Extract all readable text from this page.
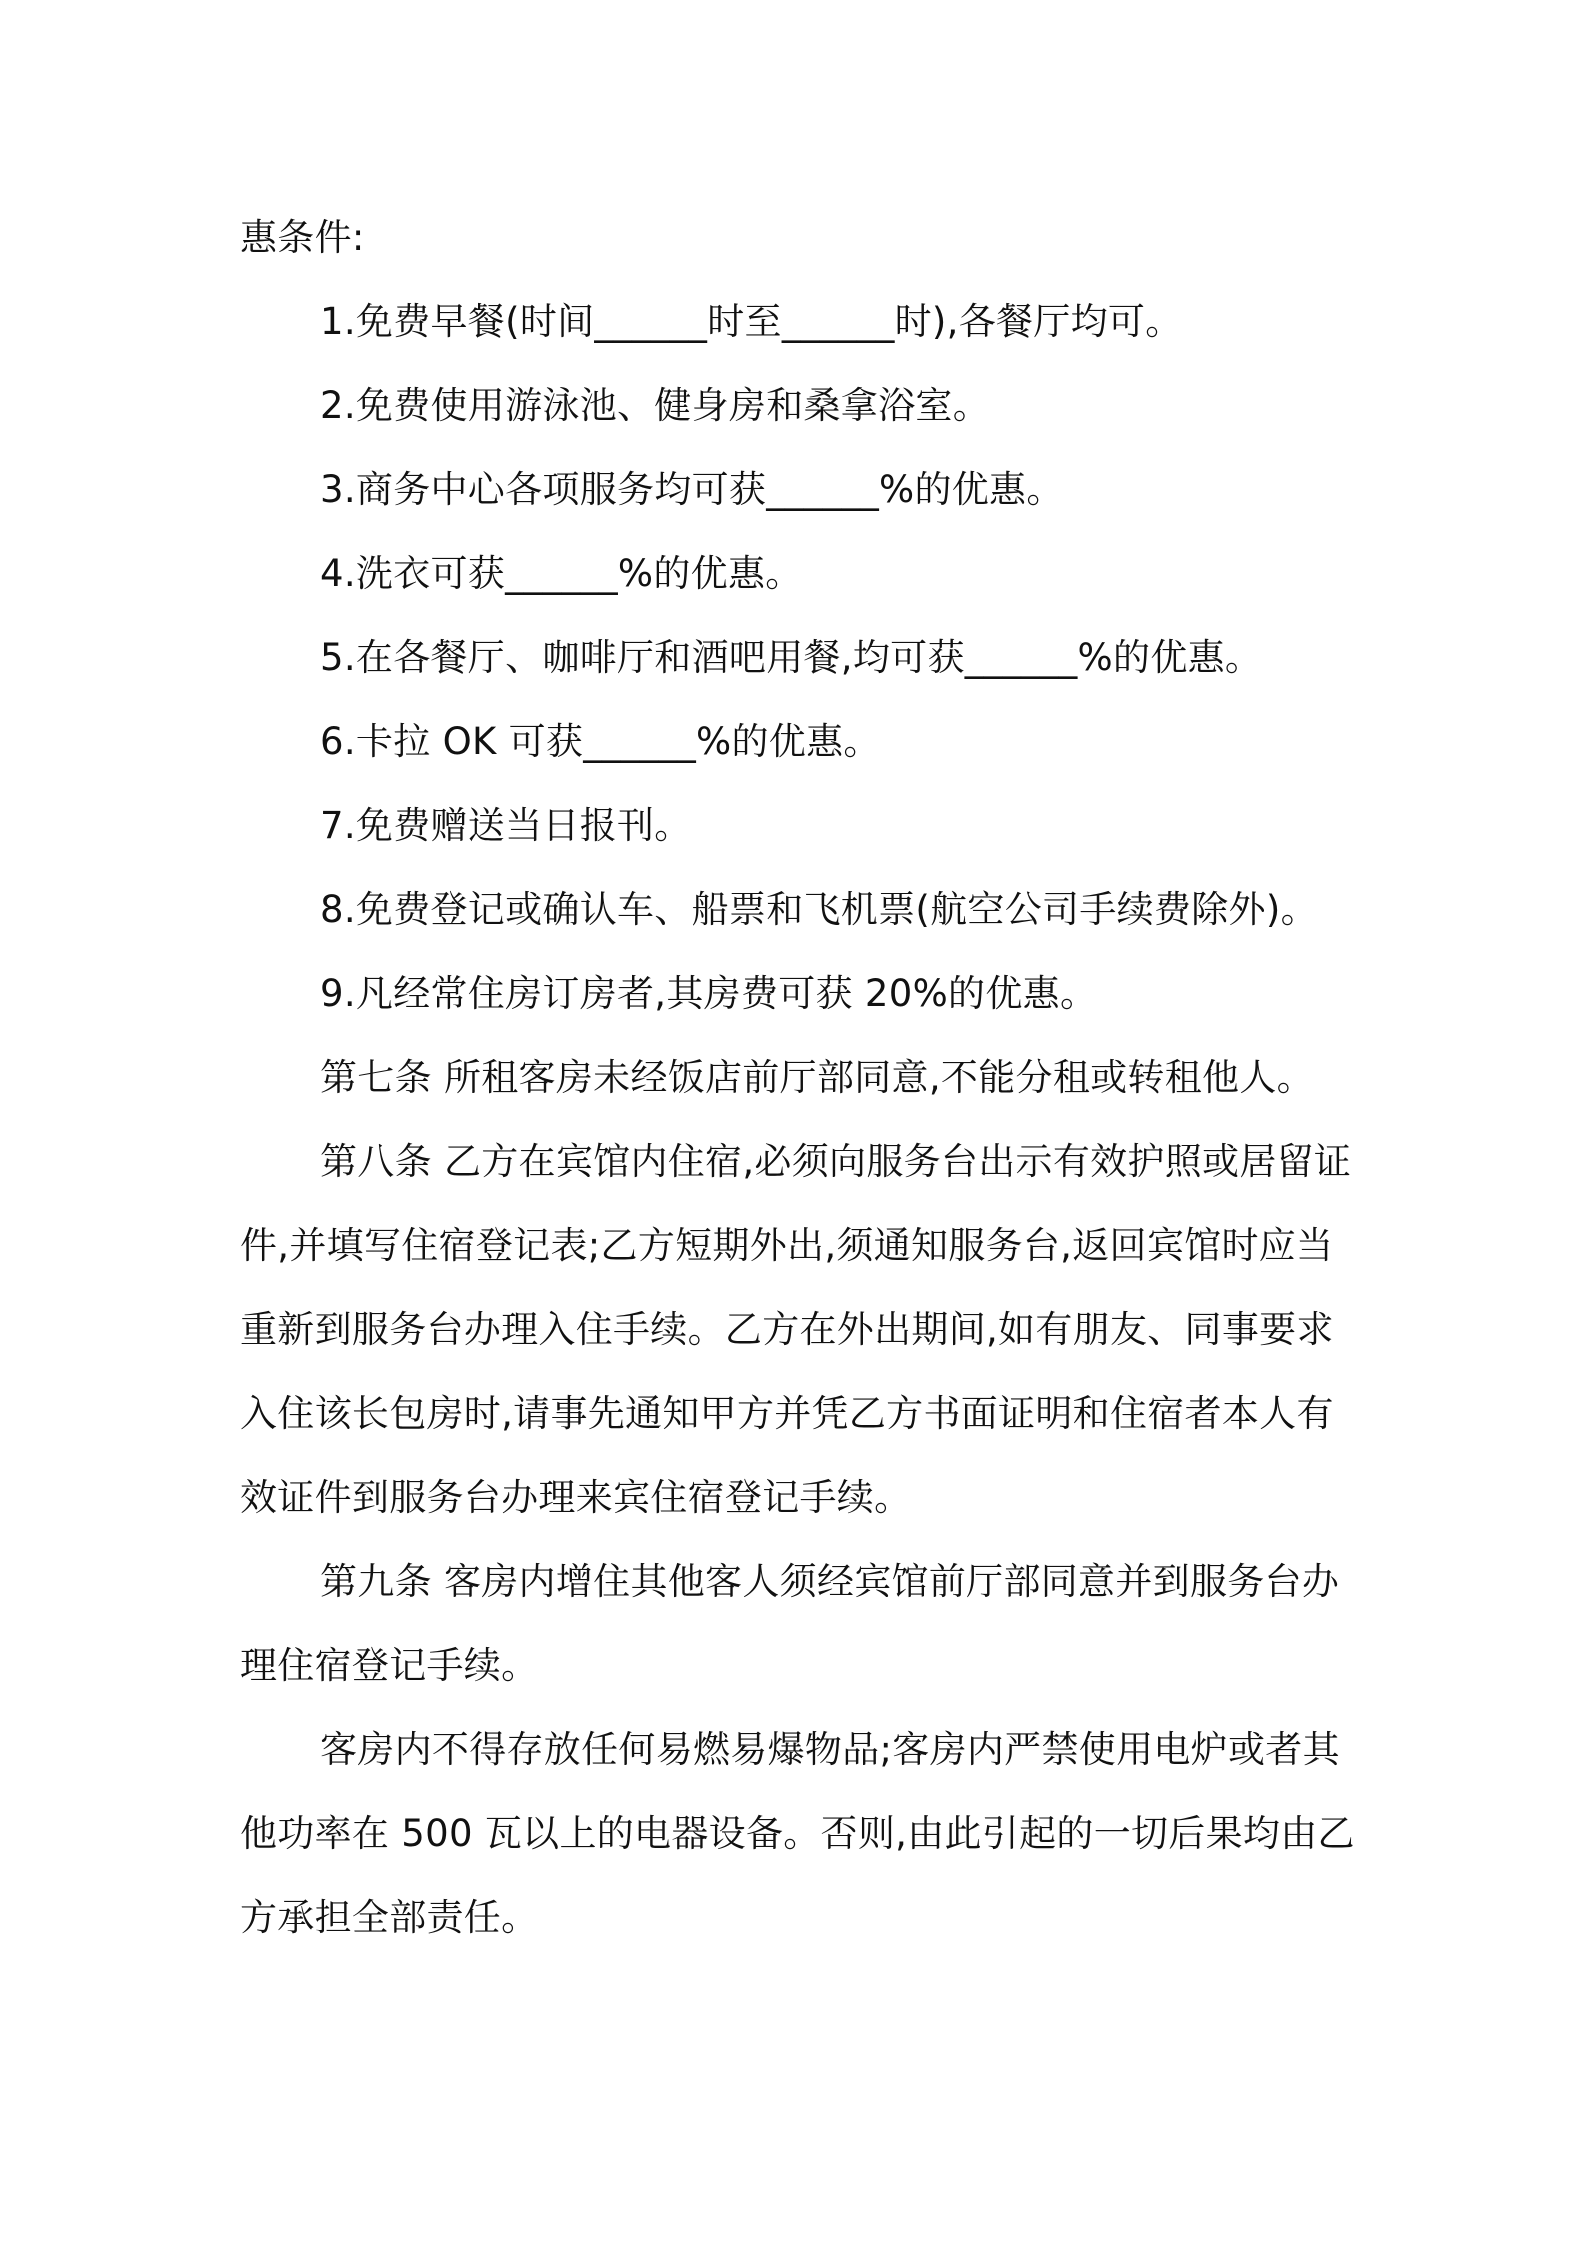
惠条件:

1.免费早餐(时间______时至______时),各餐厅均可。

2.免费使用游泳池、健身房和桑拿浴室。

3.商务中心各项服务均可获______%的优惠。

4.洗衣可获______%的优惠。

5.在各餐厅、咖啡厅和酒吧用餐,均可获______%的优惠。

6.卡拉 OK 可获______%的优惠。

7.免费赠送当日报刊。

8.免费登记或确认车、船票和飞机票(航空公司手续费除外)。

9.凡经常住房订房者,其房费可获 20%的优惠。

第七条 所租客房未经饭店前厅部同意,不能分租或转租他人。

第八条 乙方在宾馆内住宿,必须向服务台出示有效护照或居留证件,并填写住宿登记表;乙方短期外出,须通知服务台,返回宾馆时应当重新到服务台办理入住手续。乙方在外出期间,如有朋友、同事要求入住该长包房时,请事先通知甲方并凭乙方书面证明和住宿者本人有效证件到服务台办理来宾住宿登记手续。

第九条 客房内增住其他客人须经宾馆前厅部同意并到服务台办理住宿登记手续。

客房内不得存放任何易燃易爆物品;客房内严禁使用电炉或者其他功率在 500 瓦以上的电器设备。否则,由此引起的一切后果均由乙方承担全部责任。
